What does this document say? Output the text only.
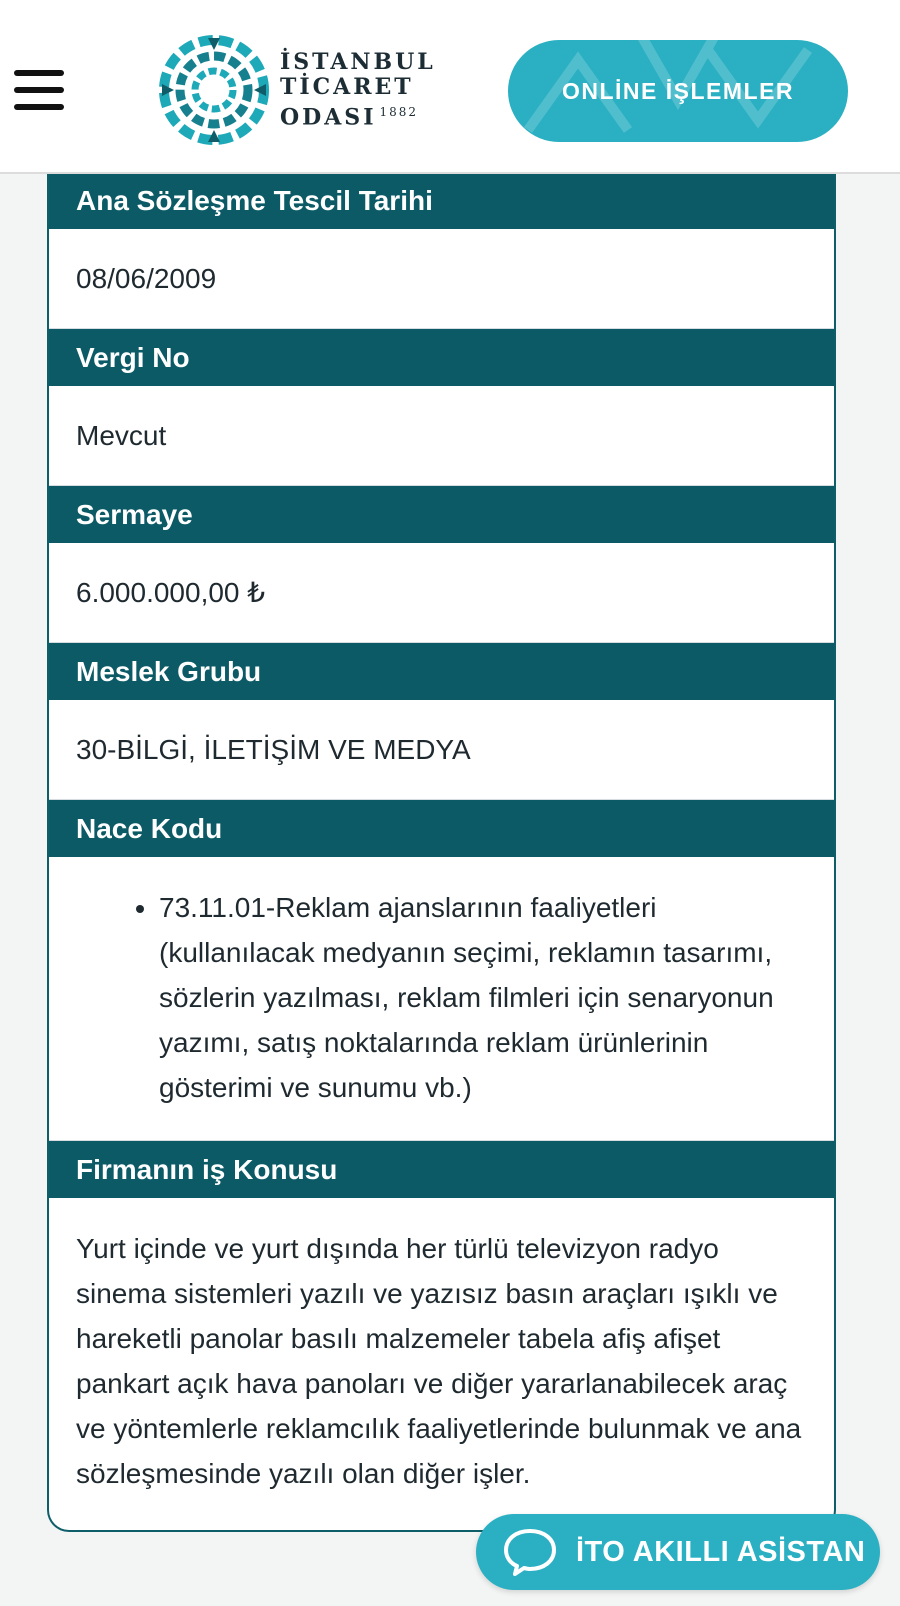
İSTANBUL
TİCARET
ODASI $^{1882}$
ONLİNE İŞLEMLER
Ana Sözleşme Tescil Tarihi
08/06/2009
Vergi No
Mevcut
Sermaye
6.000.000,00 ₺
Meslek Grubu
30-BİLGİ, İLETİŞİM VE MEDYA
Nace Kodu
• 73.11.01-Reklam ajanslarının faaliyetleri (kullanılacak medyanın seçimi, reklamın tasarımı, sözlerin yazılması, reklam filmleri için senaryonun yazımı, satış noktalarında reklam ürünlerinin gösterimi ve sunumu vb.)
Firmanın iş Konusu
Yurt içinde ve yurt dışında her türlü televizyon radyo sinema sistemleri yazılı ve yazısız basın araçları ışıklı ve hareketli panolar basılı malzemeler tabela afiş afişet pankart açık hava panoları ve diğer yararlanabilecek araç ve yöntemlerle reklamcılık faaliyetlerinde bulunmak ve ana sözleşmesinde yazılı olan diğer işler.
İTO AKILLI ASİSTAN
